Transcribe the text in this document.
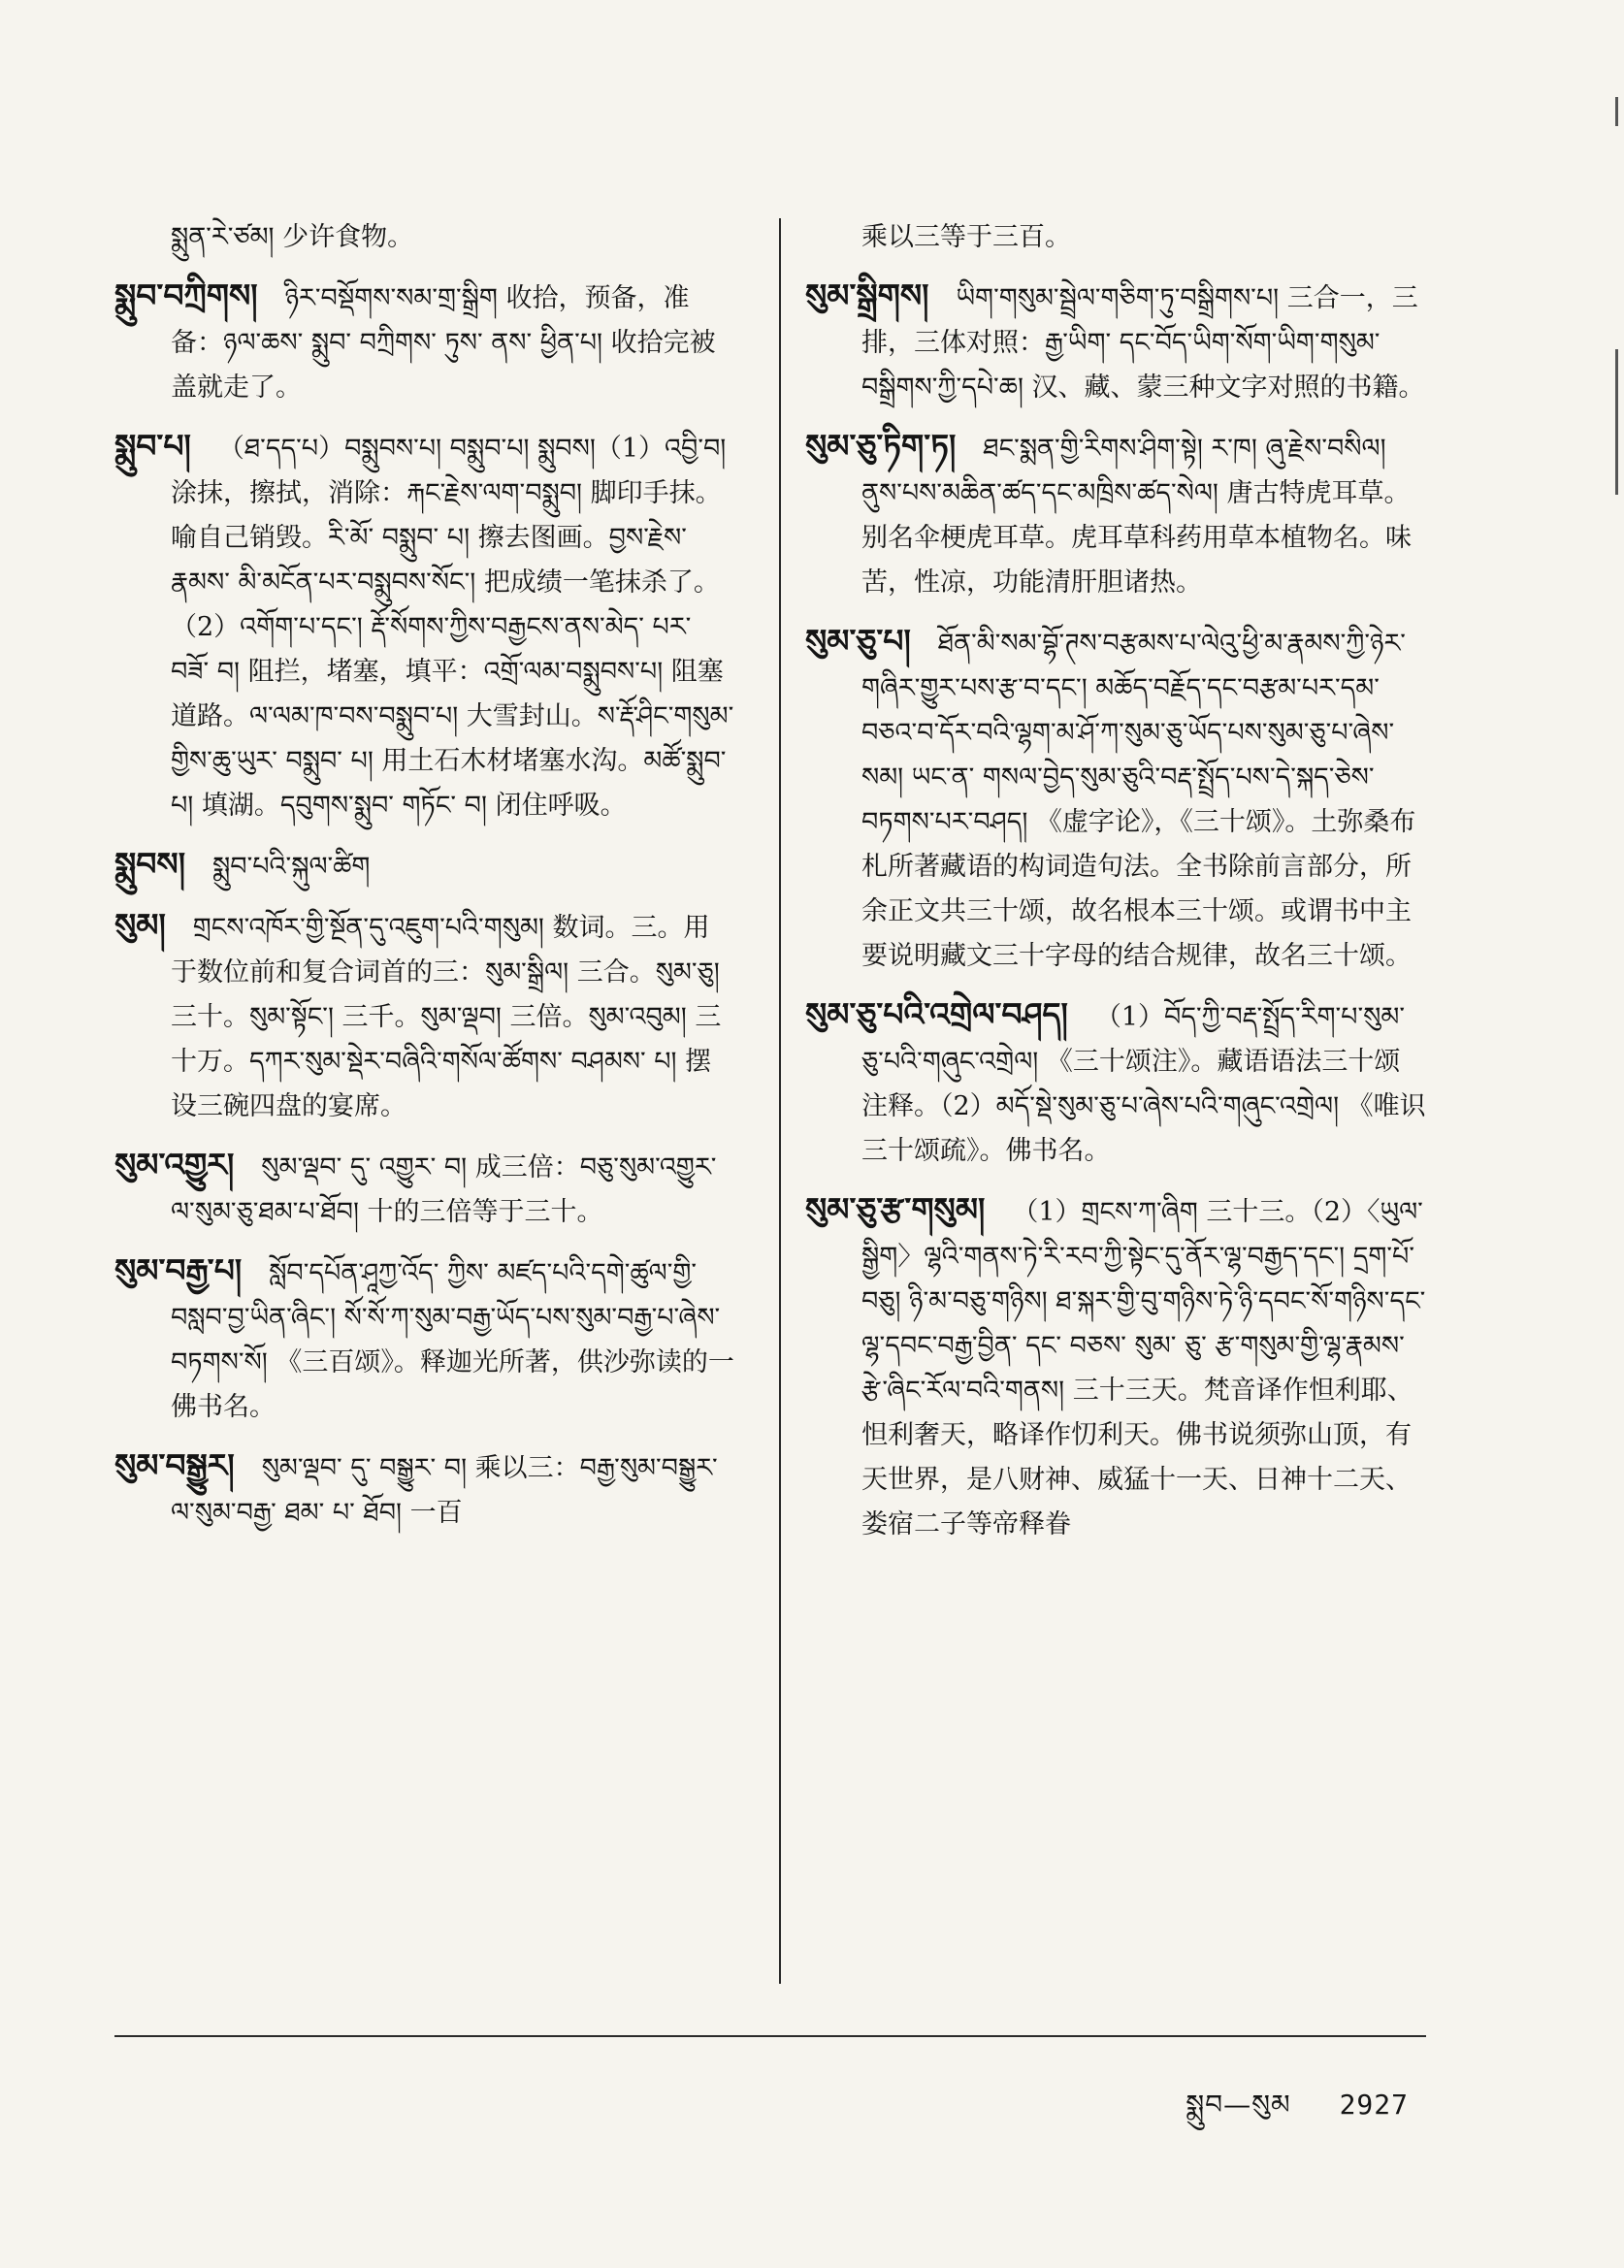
སྨུན་རེ་ཙམ། 少许食物。
སྨུབ་བཀྲིགས། ཉིར་བསྡོགས་སམ་གྲ་སྒྲིག 收拾，预备，准备：ཉལ་ཆས་ སྨུབ་ བཀྲིགས་ ཏུས་ ནས་ ཕྱིན་པ། 收拾完被盖就走了。
སྨུབ་པ། （ཐ་དད་པ）བསྨུབས་པ། བསྨུབ་པ། སྨུབས།（1）འབྱི་བ། 涂抹，擦拭，消除：རྐང་རྗེས་ལག་བསྨུབ། 脚印手抹。喻自己销毁。རི་མོ་ བསྨུབ་ པ། 擦去图画。བྱས་རྗེས་ རྣམས་ མི་མངོན་པར་བསྨུབས་སོང་། 把成绩一笔抹杀了。（2）འགོག་པ་དང་། རྡོ་སོགས་ཀྱིས་བརྒྱངས་ནས་མེད་ པར་ བཟོ་ བ། 阻拦，堵塞，填平：འགྲོ་ལམ་བསྨུབས་པ། 阻塞道路。ལ་ལམ་ཁ་བས་བསྨུབ་པ། 大雪封山。ས་རྡོ་ཤིང་གསུམ་གྱིས་ཆུ་ཡུར་ བསྨུབ་ པ། 用土石木材堵塞水沟。མཚོ་སྨུབ་པ། 填湖。དབུགས་སྨུབ་ གཏོང་ བ། 闭住呼吸。
སྨུབས། སྨུབ་པའི་སྐུལ་ཚིག
སུམ། གྲངས་འཁོར་གྱི་སྔོན་དུ་འཇུག་པའི་གསུམ། 数词。三。用于数位前和复合词首的三：སུམ་སྒྲིལ། 三合。སུམ་ཅུ། 三十。སུམ་སྟོང་། 三千。སུམ་ལྡབ། 三倍。སུམ་འབུམ། 三十万。དཀར་སུམ་སྡེར་བཞིའི་གསོལ་ཚོགས་ བཤམས་ པ། 摆设三碗四盘的宴席。
སུམ་འགྱུར། སུམ་ལྡབ་ དུ་ འགྱུར་ བ། 成三倍：བཅུ་སུམ་འགྱུར་ལ་སུམ་ཅུ་ཐམ་པ་ཐོབ། 十的三倍等于三十。
སུམ་བརྒྱ་པ། སློབ་དཔོན་ཤཱཀྱ་འོད་ ཀྱིས་ མཛད་པའི་དགེ་ཚུལ་གྱི་བསླབ་བྱ་ཡིན་ཞིང་། སོ་སོ་ཀ་སུམ་བརྒྱ་ཡོད་པས་སུམ་བརྒྱ་པ་ཞེས་བཏགས་སོ། 《三百颂》。释迦光所著，供沙弥读的一佛书名。
སུམ་བསྒྱུར། སུམ་ལྡབ་ དུ་ བསྒྱུར་ བ། 乘以三：བརྒྱ་སུམ་བསྒྱུར་ལ་སུམ་བརྒྱ་ ཐམ་ པ་ ཐོབ། 一百
乘以三等于三百。
སུམ་སྒྲིགས། ཡིག་གསུམ་སྦྲེལ་གཅིག་ཏུ་བསྒྲིགས་པ། 三合一，三排，三体对照：རྒྱ་ཡིག་ དང་བོད་ཡིག་སོག་ཡིག་གསུམ་བསྒྲིགས་ཀྱི་དཔེ་ཆ། 汉、藏、蒙三种文字对照的书籍。
སུམ་ཅུ་ཏིག་ཏ། ཐང་སྨན་གྱི་རིགས་ཤིག་སྟེ། ར་ཁ། ཞུ་རྗེས་བསིལ། ནུས་པས་མཆིན་ཚད་དང་མཁྲིས་ཚད་སེལ། 唐古特虎耳草。别名伞梗虎耳草。虎耳草科药用草本植物名。味苦，性凉，功能清肝胆诸热。
སུམ་ཅུ་པ། ཐོན་མི་སམ་བྷོ་ཊས་བརྩམས་པ་ལེའུ་ཕྱི་མ་རྣམས་ཀྱི་ཉེར་གཞིར་གྱུར་པས་རྩ་བ་དང་། མཆོད་བརྗོད་དང་བརྩམ་པར་དམ་བཅའ་བ་དོར་བའི་ལྷག་མ་ཤོ་ཀ་སུམ་ཅུ་ཡོད་པས་སུམ་ཅུ་པ་ཞེས་སམ། ཡང་ན་ གསལ་བྱེད་སུམ་ཅུའི་བརྡ་སྤྲོད་པས་དེ་སྐད་ཅེས་བཏགས་པར་བཤད། 《虚字论》，《三十颂》。土弥桑布札所著藏语的构词造句法。全书除前言部分，所余正文共三十颂，故名根本三十颂。或谓书中主要说明藏文三十字母的结合规律，故名三十颂。
སུམ་ཅུ་པའི་འགྲེལ་བཤད། （1）བོད་ཀྱི་བརྡ་སྤྲོད་རིག་པ་སུམ་ཅུ་པའི་གཞུང་འགྲེལ། 《三十颂注》。藏语语法三十颂注释。（2）མདོ་སྡེ་སུམ་ཅུ་པ་ཞེས་པའི་གཞུང་འགྲེལ། 《唯识三十颂疏》。佛书名。
སུམ་ཅུ་རྩ་གསུམ། （1）གྲངས་ཀ་ཞིག 三十三。（2）〈ཡུལ་སྒྱིག〉ལྷའི་གནས་ཏེ་རི་རབ་ཀྱི་སྟེང་དུ་ནོར་ལྷ་བརྒྱད་དང་། དྲག་པོ་བཅུ། ཉི་མ་བཅུ་གཉིས། ཐ་སྐར་གྱི་བུ་གཉིས་ཏེ་ཉི་དབང་སོ་གཉིས་དང་ལྷ་དབང་བརྒྱ་བྱིན་ དང་ བཅས་ སུམ་ ཅུ་ རྩ་གསུམ་གྱི་ལྷ་རྣམས་རྩེ་ཞིང་རོལ་བའི་གནས། 三十三天。梵音译作怛利耶、怛利奢天，略译作忉利天。佛书说须弥山顶，有天世界，是八财神、威猛十一天、日神十二天、娄宿二子等帝释眷
སྨུབ—སུམ 2927
